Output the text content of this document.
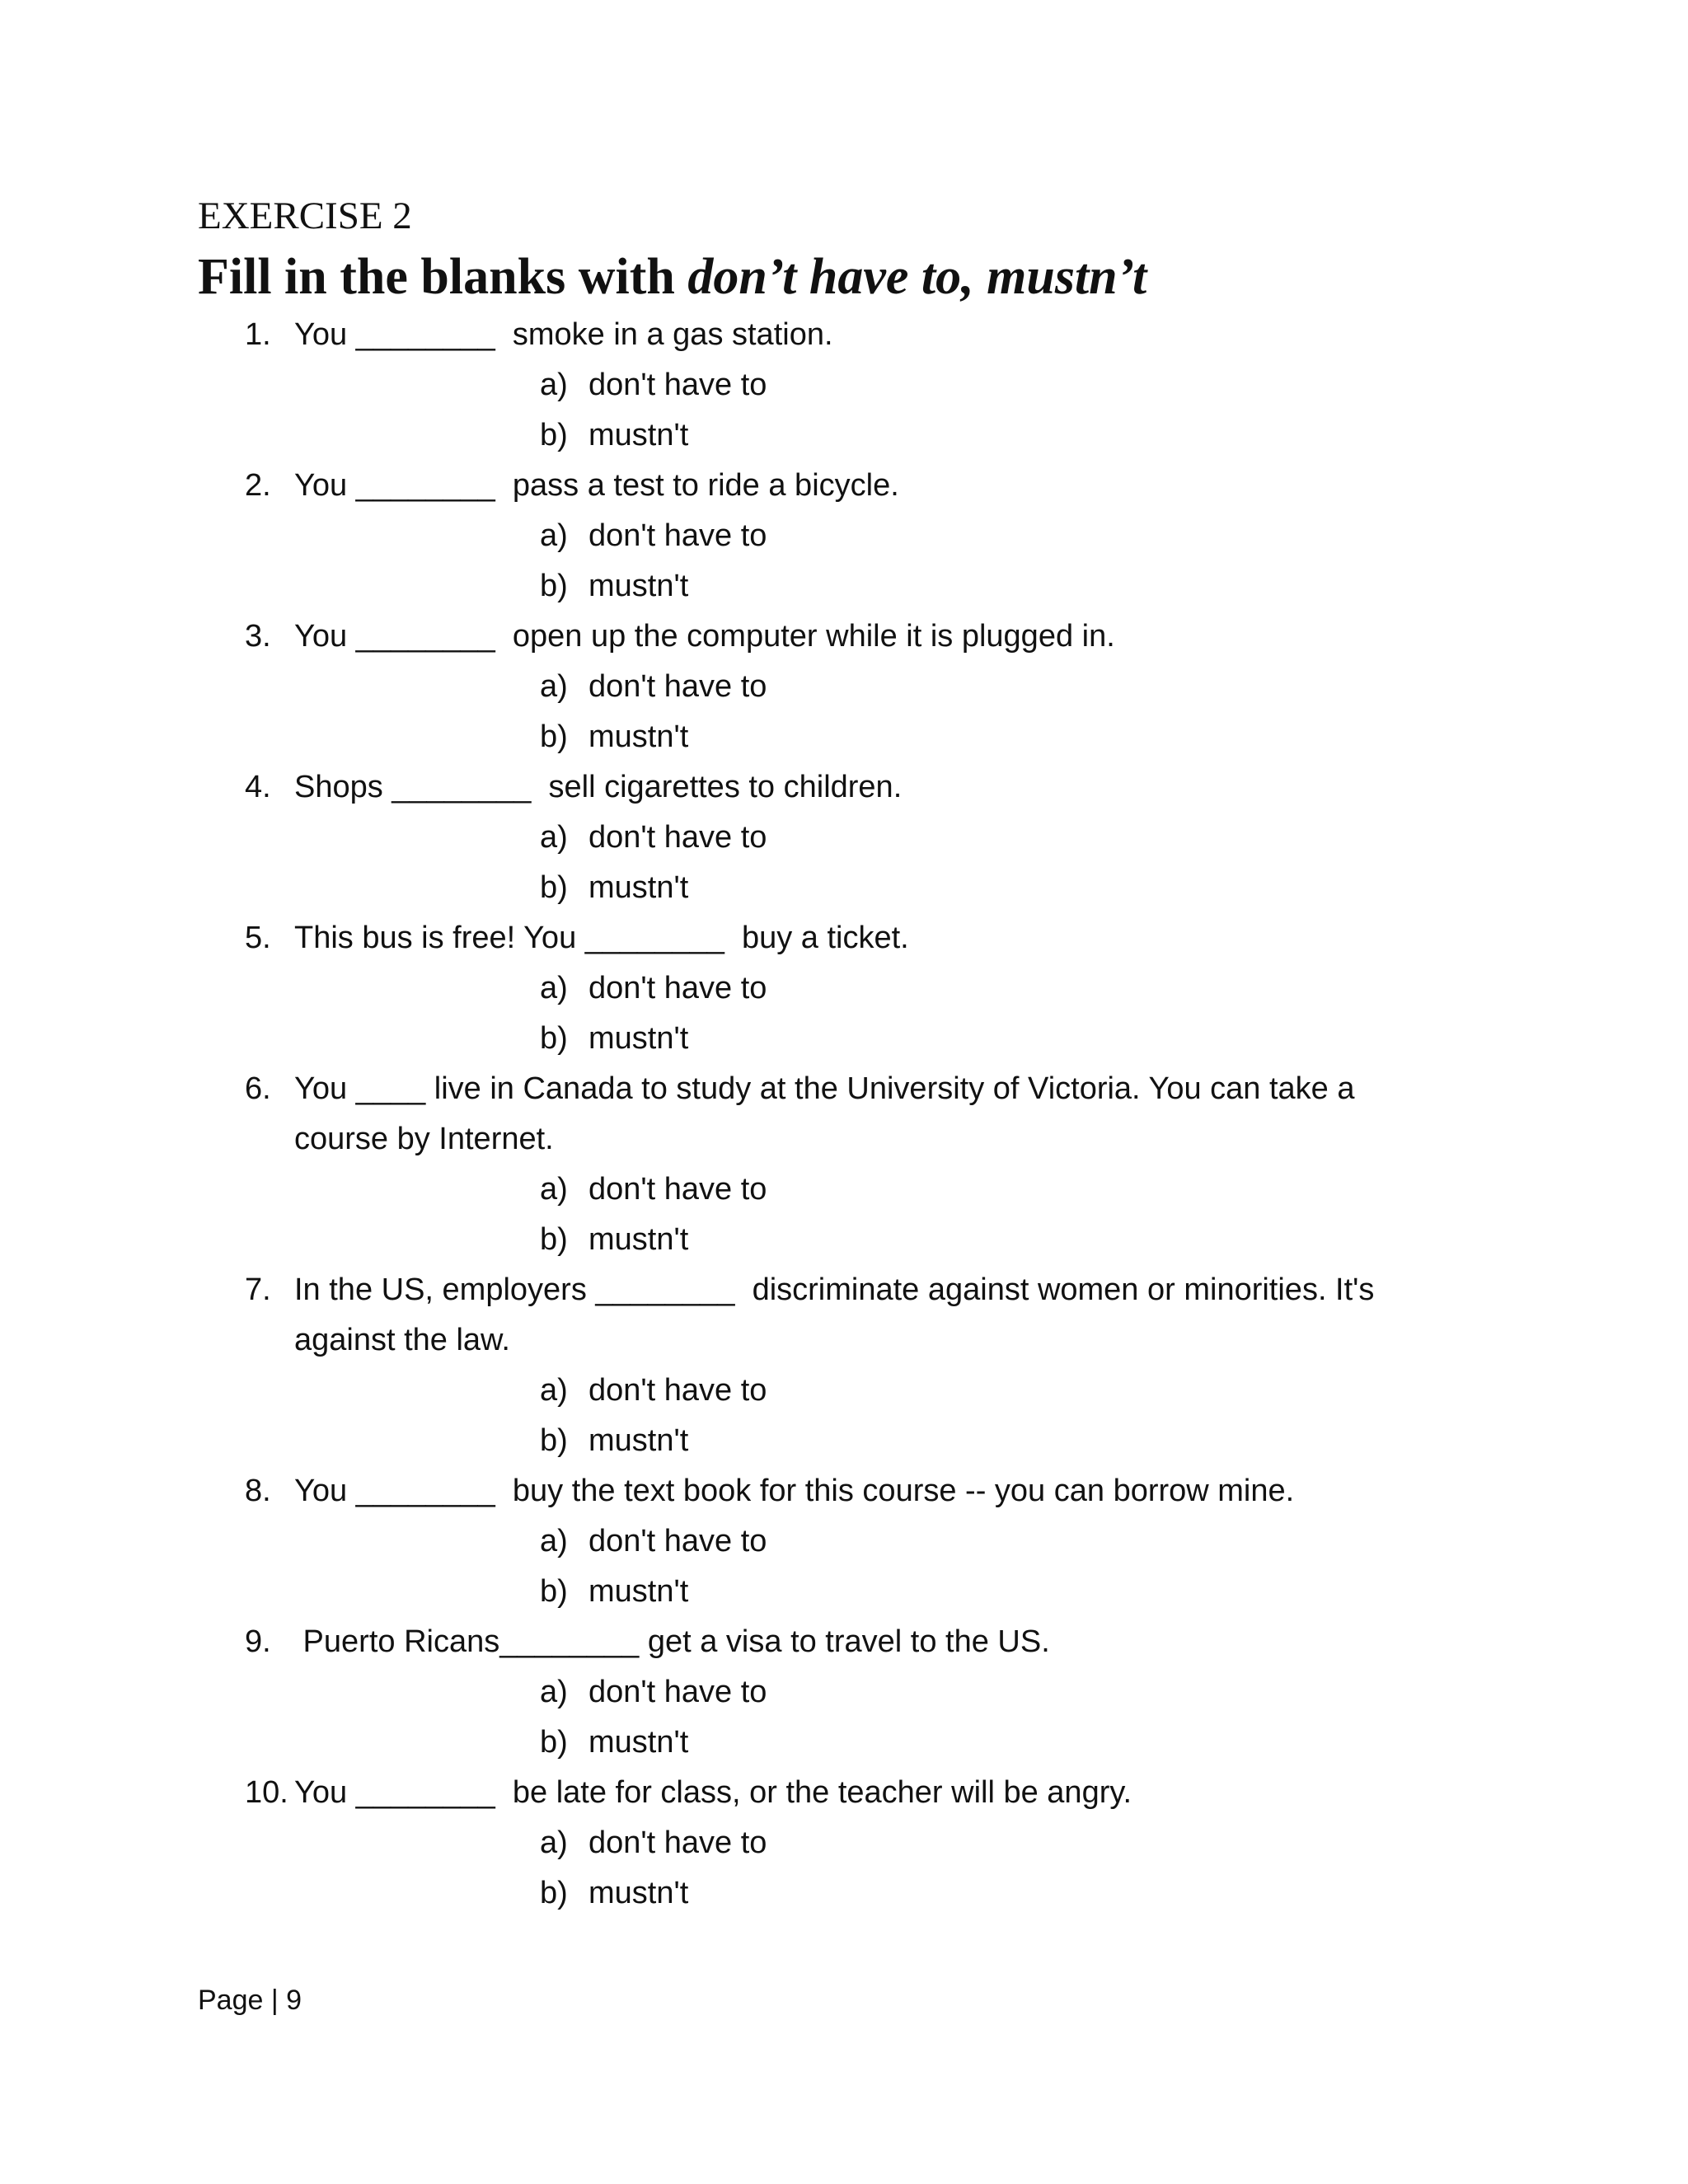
EXERCISE 2
Fill in the blanks with don’t have to, mustn’t
1. You ________  smoke in a gas station.
a) don't have to
b) mustn't
2. You ________  pass a test to ride a bicycle.
a) don't have to
b) mustn't
3. You ________  open up the computer while it is plugged in.
a) don't have to
b) mustn't
4. Shops ________  sell cigarettes to children.
a) don't have to
b) mustn't
5. This bus is free! You ________  buy a ticket.
a) don't have to
b) mustn't
6. You ____ live in Canada to study at the University of Victoria. You can take a
course by Internet.
a) don't have to
b) mustn't
7. In the US, employers ________  discriminate against women or minorities. It's
against the law.
a) don't have to
b) mustn't
8. You ________  buy the text book for this course -- you can borrow mine.
a) don't have to
b) mustn't
9. Puerto Ricans________ get a visa to travel to the US.
a) don't have to
b) mustn't
10. You ________  be late for class, or the teacher will be angry.
a) don't have to
b) mustn't
Page | 9
